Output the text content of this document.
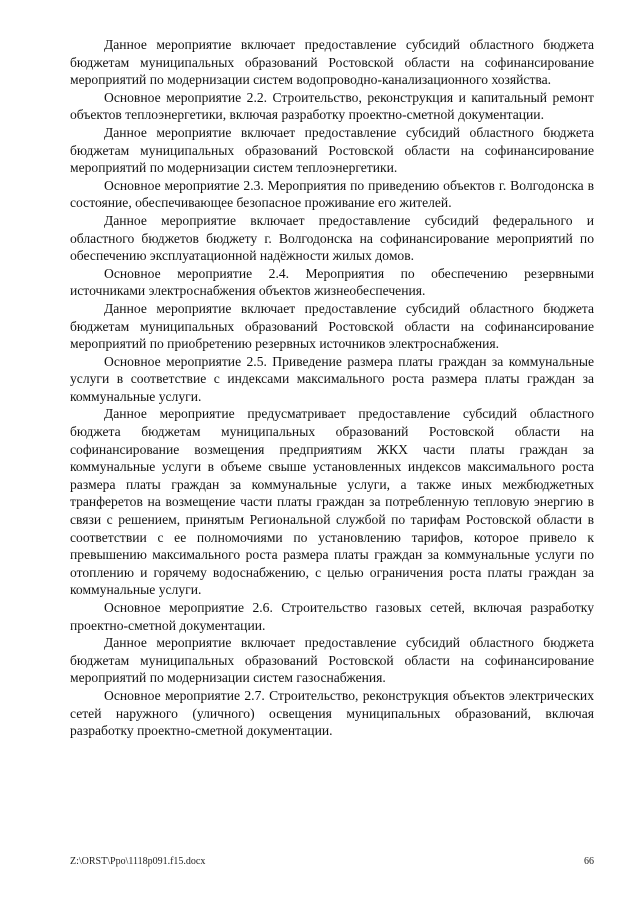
Данное мероприятие включает предоставление субсидий областного бюджета бюджетам муниципальных образований Ростовской области на софинансирование мероприятий по модернизации систем водопроводно-канализационного хозяйства.

Основное мероприятие 2.2. Строительство, реконструкция и капитальный ремонт объектов теплоэнергетики, включая разработку проектно-сметной документации.

Данное мероприятие включает предоставление субсидий областного бюджета бюджетам муниципальных образований Ростовской области на софинансирование мероприятий по модернизации систем теплоэнергетики.

Основное мероприятие 2.3. Мероприятия по приведению объектов г. Волгодонска в состояние, обеспечивающее безопасное проживание его жителей.

Данное мероприятие включает предоставление субсидий федерального и областного бюджетов бюджету г. Волгодонска на софинансирование мероприятий по обеспечению эксплуатационной надёжности жилых домов.

Основное мероприятие 2.4. Мероприятия по обеспечению резервными источниками электроснабжения объектов жизнеобеспечения.

Данное мероприятие включает предоставление субсидий областного бюджета бюджетам муниципальных образований Ростовской области на софинансирование мероприятий по приобретению резервных источников электроснабжения.

Основное мероприятие 2.5. Приведение размера платы граждан за коммунальные услуги в соответствие с индексами максимального роста размера платы граждан за коммунальные услуги.

Данное мероприятие предусматривает предоставление субсидий областного бюджета бюджетам муниципальных образований Ростовской области на софинансирование возмещения предприятиям ЖКХ части платы граждан за коммунальные услуги в объеме свыше установленных индексов максимального роста размера платы граждан за коммунальные услуги, а также иных межбюджетных транферетов на возмещение части платы граждан за потребленную тепловую энергию в связи с решением, принятым Региональной службой по тарифам Ростовской области в соответствии с ее полномочиями по установлению тарифов, которое привело к превышению максимального роста размера платы граждан за коммунальные услуги по отоплению и горячему водоснабжению, с целью ограничения роста платы граждан за коммунальные услуги.

Основное мероприятие 2.6. Строительство газовых сетей, включая разработку проектно-сметной документации.

Данное мероприятие включает предоставление субсидий областного бюджета бюджетам муниципальных образований Ростовской области на софинансирование мероприятий по модернизации систем газоснабжения.

Основное мероприятие 2.7. Строительство, реконструкция объектов электрических сетей наружного (уличного) освещения муниципальных образований, включая разработку проектно-сметной документации.

Z:\ORST\Ppo\1118p091.f15.docx	66
